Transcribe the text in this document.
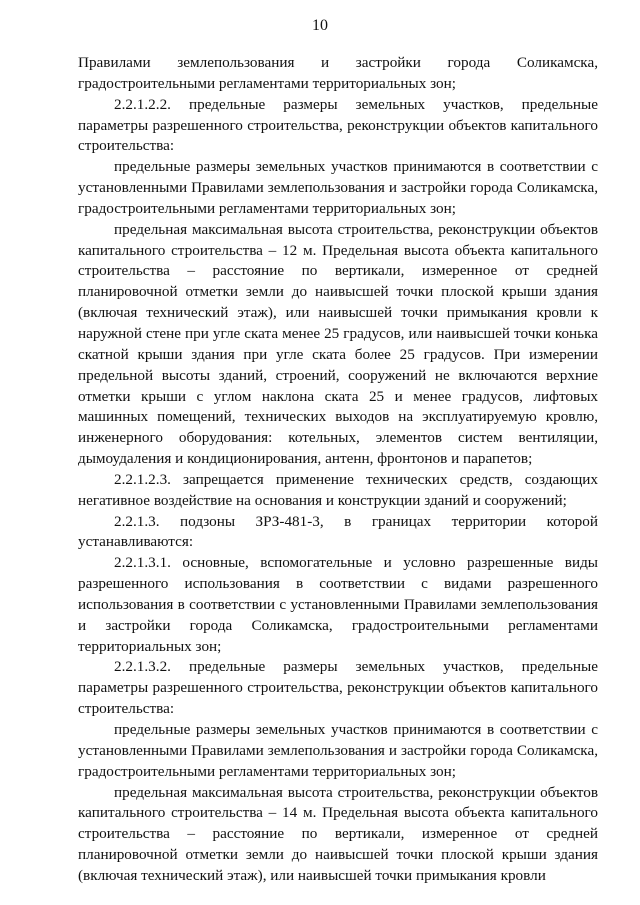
10

Правилами землепользования и застройки города Соликамска, градостроительными регламентами территориальных зон;

2.2.1.2.2. предельные размеры земельных участков, предельные параметры разрешенного строительства, реконструкции объектов капитального строительства:

предельные размеры земельных участков принимаются в соответствии с установленными Правилами землепользования и застройки города Соликамска, градостроительными регламентами территориальных зон;

предельная максимальная высота строительства, реконструкции объектов капитального строительства – 12 м. Предельная высота объекта капитального строительства – расстояние по вертикали, измеренное от средней планировочной отметки земли до наивысшей точки плоской крыши здания (включая технический этаж), или наивысшей точки примыкания кровли к наружной стене при угле ската менее 25 градусов, или наивысшей точки конька скатной крыши здания при угле ската более 25 градусов. При измерении предельной высоты зданий, строений, сооружений не включаются верхние отметки крыши с углом наклона ската 25 и менее градусов, лифтовых машинных помещений, технических выходов на эксплуатируемую кровлю, инженерного оборудования: котельных, элементов систем вентиляции, дымоудаления и кондиционирования, антенн, фронтонов и парапетов;

2.2.1.2.3. запрещается применение технических средств, создающих негативное воздействие на основания и конструкции зданий и сооружений;

2.2.1.3. подзоны ЗРЗ-481-3, в границах территории которой устанавливаются:

2.2.1.3.1. основные, вспомогательные и условно разрешенные виды разрешенного использования в соответствии с видами разрешенного использования в соответствии с установленными Правилами землепользования и застройки города Соликамска, градостроительными регламентами территориальных зон;

2.2.1.3.2. предельные размеры земельных участков, предельные параметры разрешенного строительства, реконструкции объектов капитального строительства:

предельные размеры земельных участков принимаются в соответствии с установленными Правилами землепользования и застройки города Соликамска, градостроительными регламентами территориальных зон;

предельная максимальная высота строительства, реконструкции объектов капитального строительства – 14 м. Предельная высота объекта капитального строительства – расстояние по вертикали, измеренное от средней планировочной отметки земли до наивысшей точки плоской крыши здания (включая технический этаж), или наивысшей точки примыкания кровли
